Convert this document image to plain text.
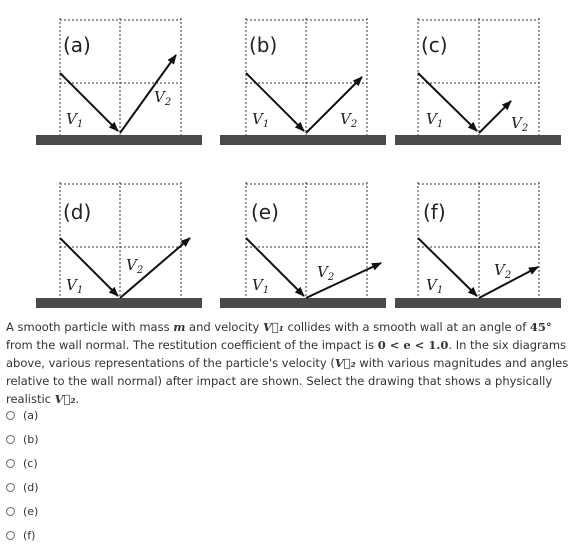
(a)
$V_1$
$V_2$
(b)
$V_1$	$V_2$
(c)
$V_1$	$V_2$
(d)
$V_1$
$V_2$
(e)
$V_1$
$V_2$
(f)
$V_1$
$V_2$

A smooth particle with mass m and velocity V⃗₁ collides with a smooth wall at an angle of 45° from the wall normal. The restitution coefficient of the impact is 0 < e < 1.0. In the six diagrams above, various representations of the particle's velocity (V⃗₂ with various magnitudes and angles relative to the wall normal) after impact are shown. Select the drawing that shows a physically realistic V⃗₂.

(a)
(b)
(c)
(d)
(e)
(f)
